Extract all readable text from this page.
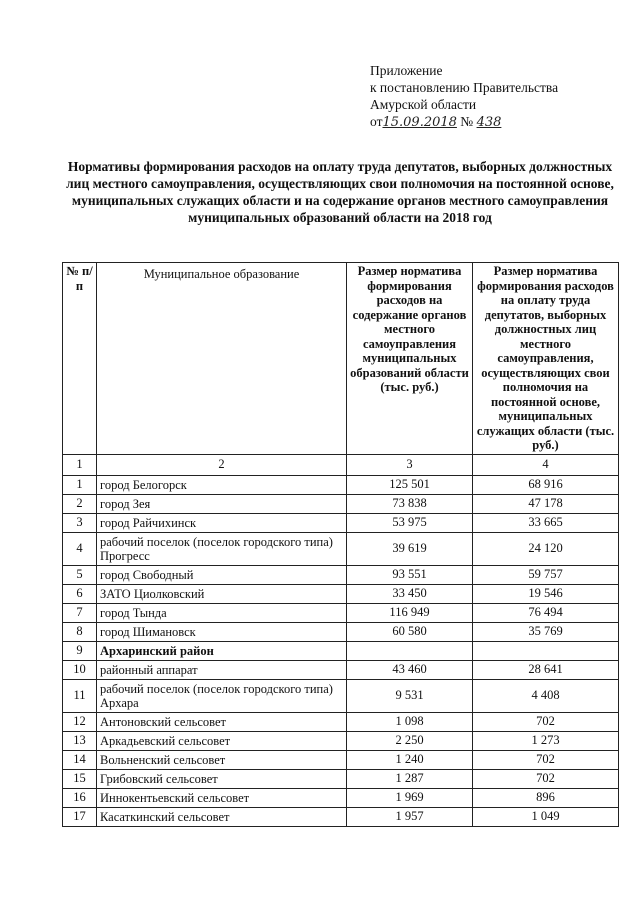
Приложение
к постановлению Правительства
Амурской области
от15.09.2018 № 438
Нормативы формирования расходов на оплату труда депутатов, выборных должностных лиц местного самоуправления, осуществляющих свои полномочия на постоянной основе, муниципальных служащих области и на содержание органов местного самоуправления муниципальных образований области на 2018 год
№ п/п	Муниципальное образование	Размер норматива формирования расходов на содержание органов местного самоуправления муниципальных образований области (тыс. руб.)	Размер норматива формирования расходов на оплату труда депутатов, выборных должностных лиц местного самоуправления, осуществляющих свои полномочия на постоянной основе, муниципальных служащих области (тыс. руб.)
1	2	3	4
1	город Белогорск	125 501	68 916
2	город Зея	73 838	47 178
3	город Райчихинск	53 975	33 665
4	рабочий поселок (поселок городского типа) Прогресс	39 619	24 120
5	город Свободный	93 551	59 757
6	ЗАТО Циолковский	33 450	19 546
7	город Тында	116 949	76 494
8	город Шимановск	60 580	35 769
9	Архаринский район		
10	районный аппарат	43 460	28 641
11	рабочий поселок (поселок городского типа) Архара	9 531	4 408
12	Антоновский сельсовет	1 098	702
13	Аркадьевский сельсовет	2 250	1 273
14	Вольненский сельсовет	1 240	702
15	Грибовский сельсовет	1 287	702
16	Иннокентьевский сельсовет	1 969	896
17	Касаткинский сельсовет	1 957	1 049
